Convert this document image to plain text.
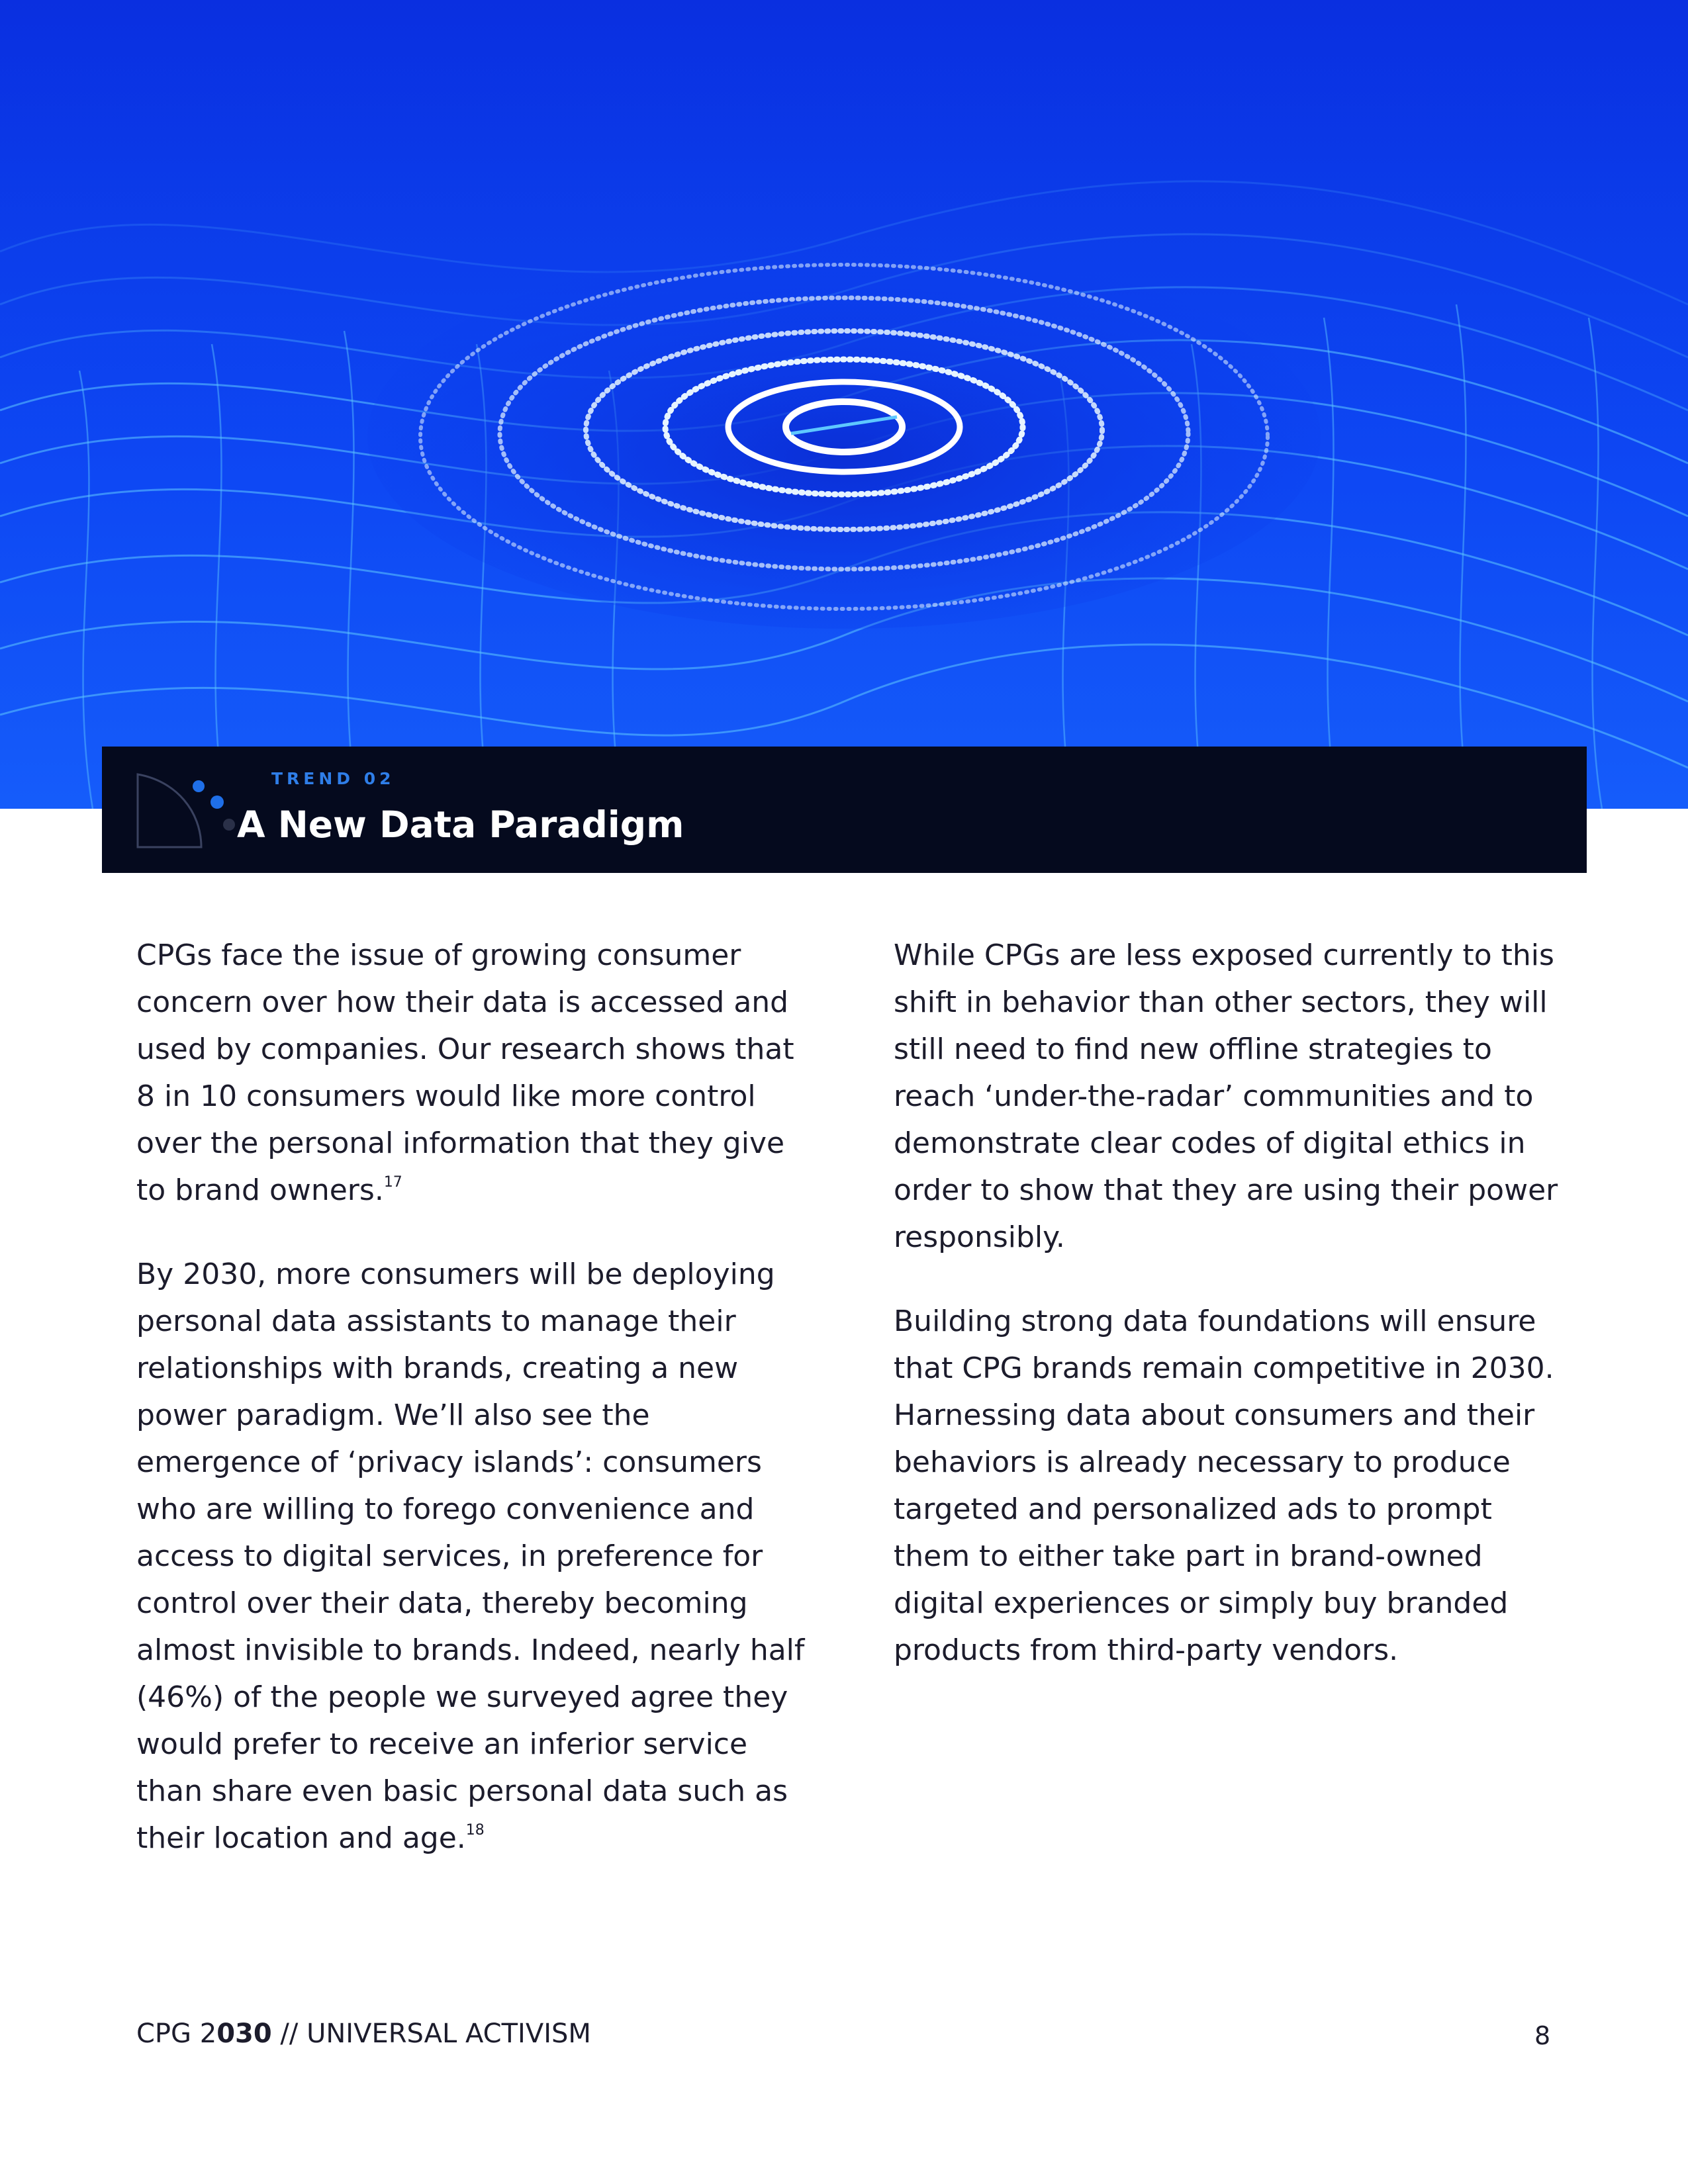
TREND 02
A New Data Paradigm

CPGs face the issue of growing consumer concern over how their data is accessed and used by companies. Our research shows that 8 in 10 consumers would like more control over the personal information that they give to brand owners.$^{17}$

By 2030, more consumers will be deploying personal data assistants to manage their relationships with brands, creating a new power paradigm. We’ll also see the emergence of ‘privacy islands’: consumers who are willing to forego convenience and access to digital services, in preference for control over their data, thereby becoming almost invisible to brands. Indeed, nearly half (46%) of the people we surveyed agree they would prefer to receive an inferior service than share even basic personal data such as their location and age.$^{18}$

While CPGs are less exposed currently to this shift in behavior than other sectors, they will still need to find new offline strategies to reach ‘under-the-radar’ communities and to demonstrate clear codes of digital ethics in order to show that they are using their power responsibly.

Building strong data foundations will ensure that CPG brands remain competitive in 2030. Harnessing data about consumers and their behaviors is already necessary to produce targeted and personalized ads to prompt them to either take part in brand-owned digital experiences or simply buy branded products from third-party vendors.

CPG 2030 // UNIVERSAL ACTIVISM	8
